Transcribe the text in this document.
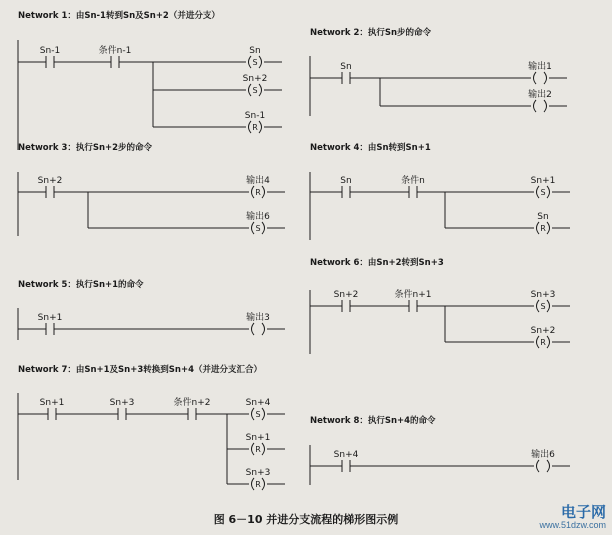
Network 1：由Sn-1转到Sn及Sn+2（并进分支）
Sn-1	条件n-1
S
Sn
S
Sn+2
R
Sn-1
Network 2：执行Sn步的命令
Sn	输出1
输出2
Network 3：执行Sn+2步的命令
Sn+2
R
输出4
S
输出6
Network 4：由Sn转到Sn+1
Sn	条件n
S
Sn+1
R
Sn
Network 5：执行Sn+1的命令
Sn+1	输出3
Network 6：由Sn+2转到Sn+3
Sn+2	条件n+1
S
Sn+3
R
Sn+2
Network 7：由Sn+1及Sn+3转换到Sn+4（并进分支汇合）
Sn+1	Sn+3	条件n+2
S
Sn+4
R
Sn+1
R
Sn+3
Network 8：执行Sn+4的命令
Sn+4	输出6
图 6－10 并进分支流程的梯形图示例	电子网
www.51dzw.com
